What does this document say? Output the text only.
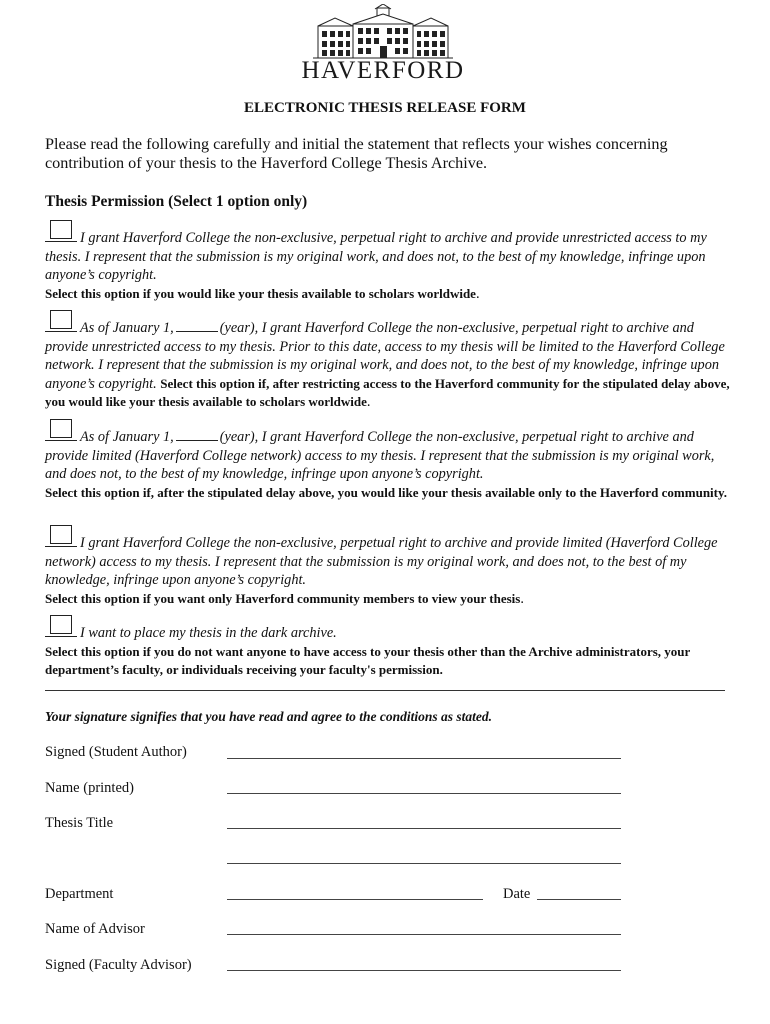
HAVERFORD
ELECTRONIC THESIS RELEASE FORM
Please read the following carefully and initial the statement that reflects your wishes concerning
contribution of your thesis to the Haverford College Thesis Archive.
Thesis Permission (Select 1 option only)
I grant Haverford College the non-exclusive, perpetual right to archive and provide unrestricted access to my thesis. I represent that the submission is my original work, and does not, to the best of my knowledge, infringe upon anyone’s copyright.
Select this option if you would like your thesis available to scholars worldwide.
As of January 1,	(year), I grant Haverford College the non-exclusive, perpetual right to archive and provide unrestricted access to my thesis. Prior to this date, access to my thesis will be limited to the Haverford College network. I represent that the submission is my original work, and does not, to the best of my knowledge, infringe upon anyone’s copyright. Select this option if, after restricting access to the Haverford community for the stipulated delay above, you would like your thesis available to scholars worldwide.
As of January 1,	(year), I grant Haverford College the non-exclusive, perpetual right to archive and provide limited (Haverford College network) access to my thesis. I represent that the submission is my original work, and does not, to the best of my knowledge, infringe upon anyone’s copyright.
Select this option if, after the stipulated delay above, you would like your thesis available only to the Haverford community.
I grant Haverford College the non-exclusive, perpetual right to archive and provide limited (Haverford College network) access to my thesis. I represent that the submission is my original work, and does not, to the best of my knowledge, infringe upon anyone’s copyright.
Select this option if you want only Haverford community members to view your thesis.
I want to place my thesis in the dark archive.
Select this option if you do not want anyone to have access to your thesis other than the Archive administrators, your department’s faculty, or individuals receiving your faculty's permission.
Your signature signifies that you have read and agree to the conditions as stated.
Signed (Student Author)
Name (printed)
Thesis Title
Department	Date
Name of Advisor
Signed (Faculty Advisor)
